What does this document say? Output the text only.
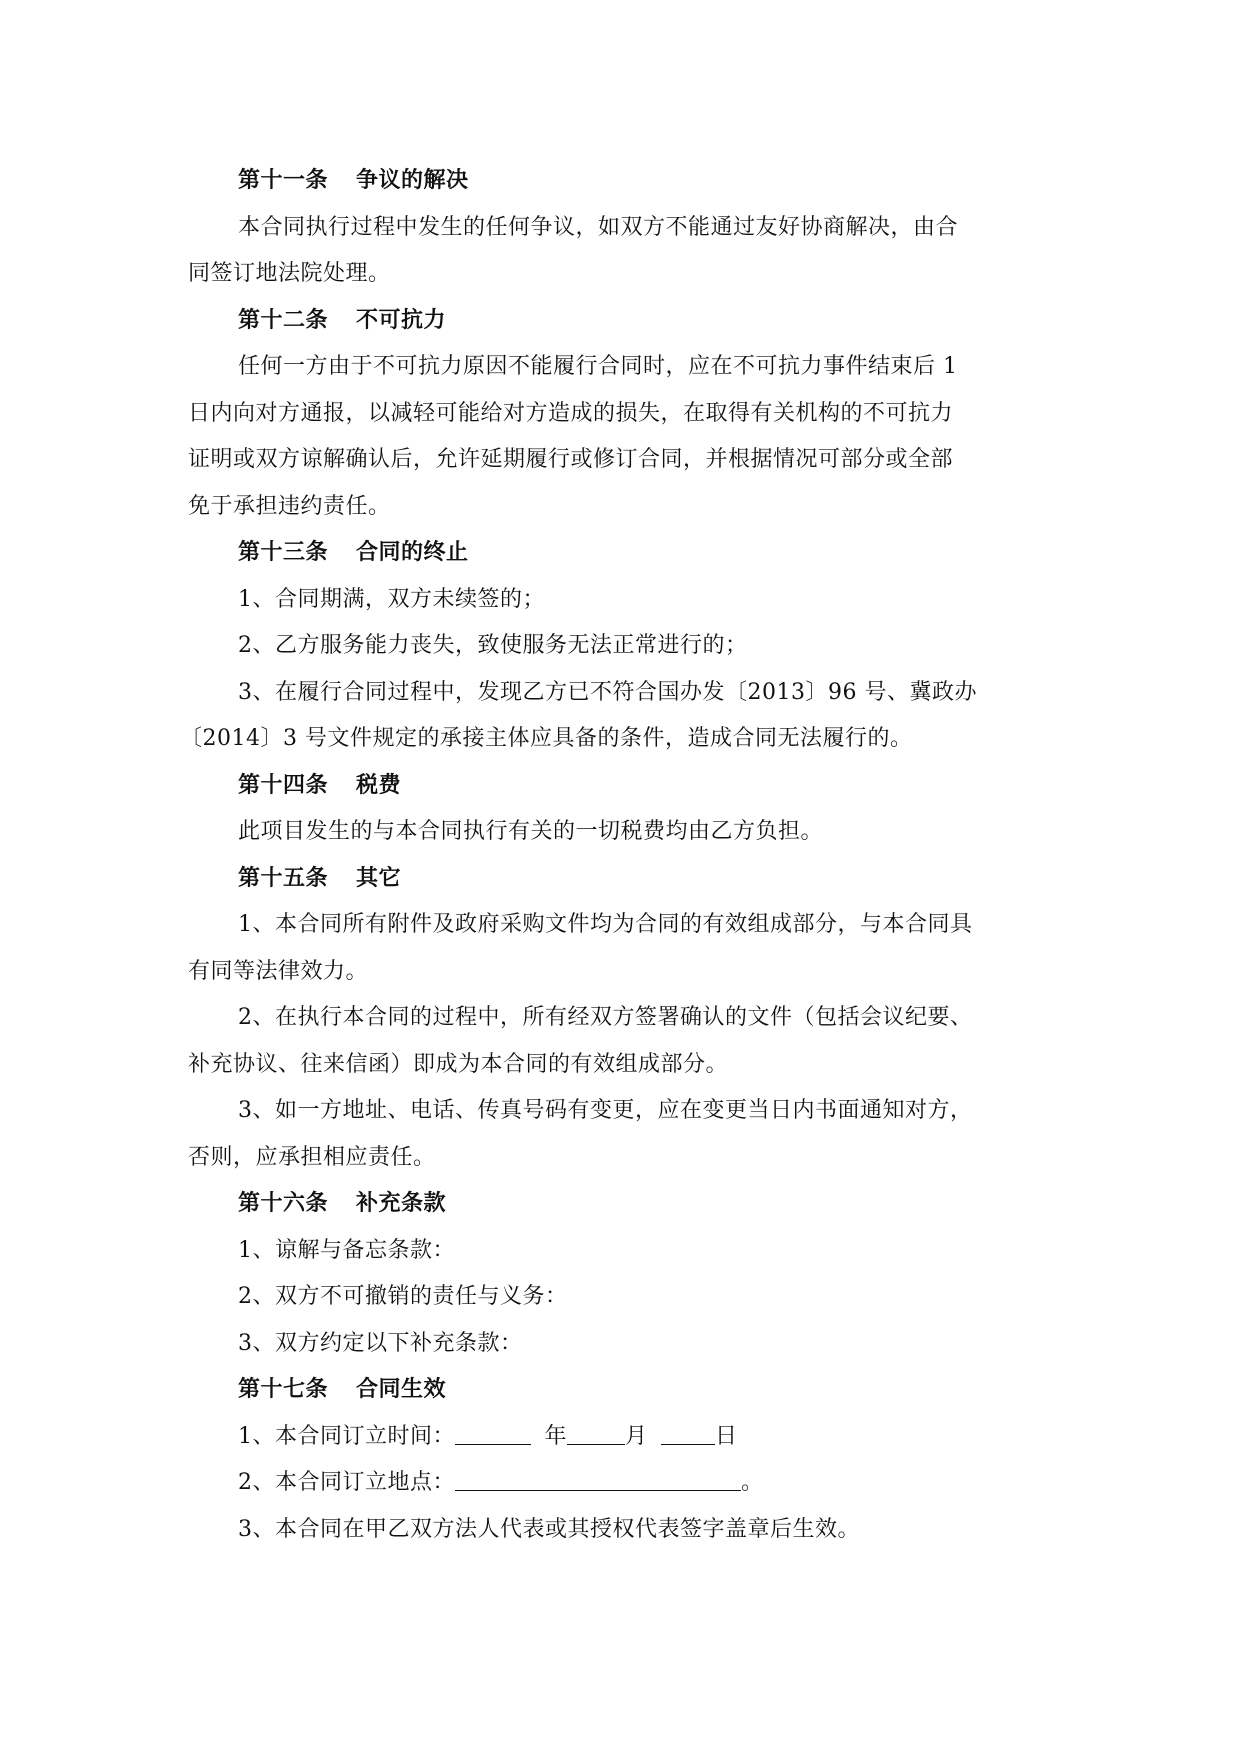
第十一条 争议的解决
本合同执行过程中发生的任何争议，如双方不能通过友好协商解决，由合
同签订地法院处理。
第十二条 不可抗力
任何一方由于不可抗力原因不能履行合同时，应在不可抗力事件结束后 1
日内向对方通报，以减轻可能给对方造成的损失，在取得有关机构的不可抗力
证明或双方谅解确认后，允许延期履行或修订合同，并根据情况可部分或全部
免于承担违约责任。
第十三条 合同的终止
1、合同期满，双方未续签的；
2、乙方服务能力丧失，致使服务无法正常进行的；
3、在履行合同过程中，发现乙方已不符合国办发〔2013〕96 号、冀政办
〔2014〕3 号文件规定的承接主体应具备的条件，造成合同无法履行的。
第十四条 税费
此项目发生的与本合同执行有关的一切税费均由乙方负担。
第十五条 其它
1、本合同所有附件及政府采购文件均为合同的有效组成部分，与本合同具
有同等法律效力。
2、在执行本合同的过程中，所有经双方签署确认的文件（包括会议纪要、
补充协议、往来信函）即成为本合同的有效组成部分。
3、如一方地址、电话、传真号码有变更，应在变更当日内书面通知对方，
否则，应承担相应责任。
第十六条 补充条款
1、谅解与备忘条款：
2、双方不可撤销的责任与义务：
3、双方约定以下补充条款：
第十七条 合同生效
1、本合同订立时间：	年	月	日
2、本合同订立地点：	。
3、本合同在甲乙双方法人代表或其授权代表签字盖章后生效。
